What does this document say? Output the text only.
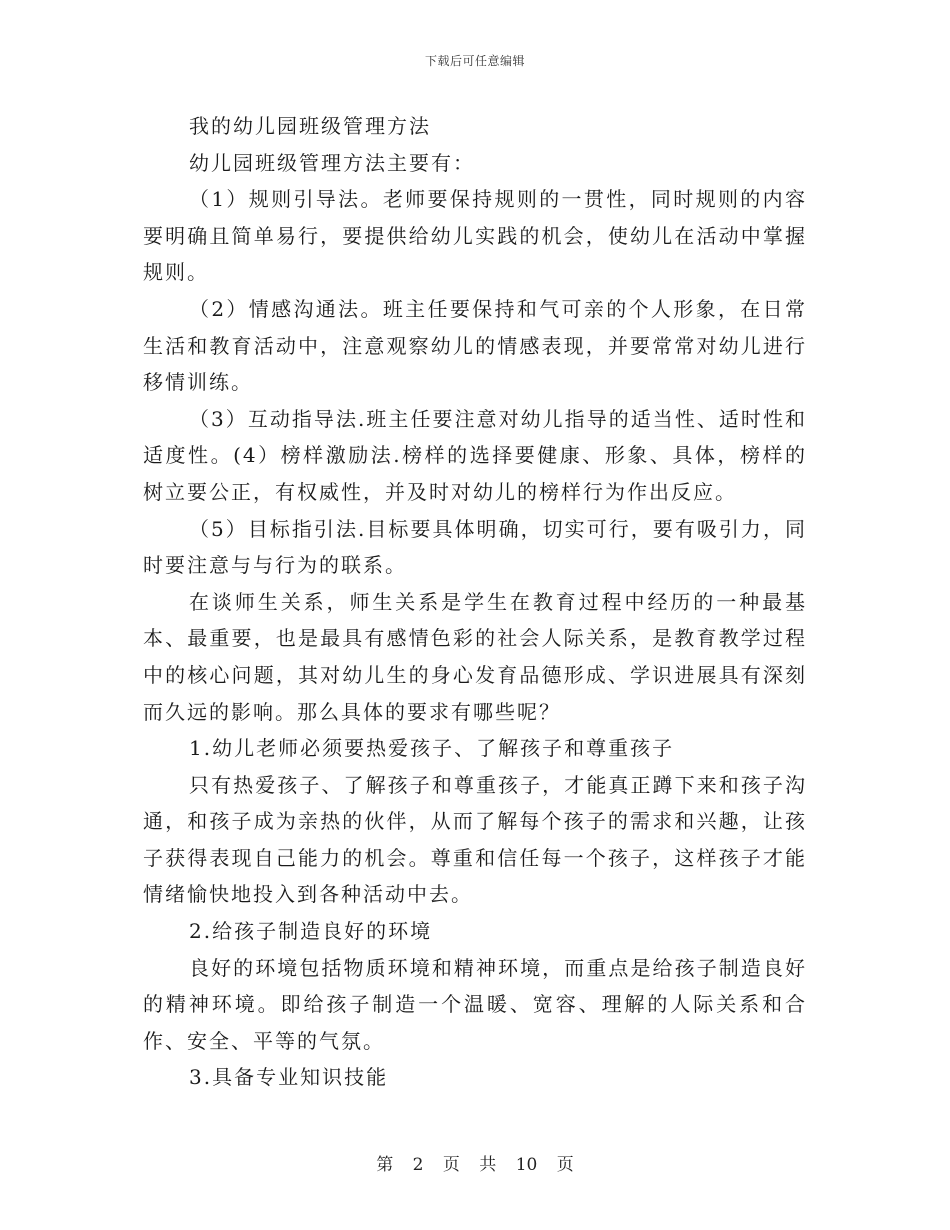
下载后可任意编辑

我的幼儿园班级管理方法

幼儿园班级管理方法主要有：

（1）规则引导法。老师要保持规则的一贯性，同时规则的内容要明确且简单易行，要提供给幼儿实践的机会，使幼儿在活动中掌握规则。

（2）情感沟通法。班主任要保持和气可亲的个人形象，在日常生活和教育活动中，注意观察幼儿的情感表现，并要常常对幼儿进行移情训练。

（3）互动指导法.班主任要注意对幼儿指导的适当性、适时性和适度性。(4）榜样激励法.榜样的选择要健康、形象、具体，榜样的树立要公正，有权威性，并及时对幼儿的榜样行为作出反应。

（5）目标指引法.目标要具体明确，切实可行，要有吸引力，同时要注意与与行为的联系。

在谈师生关系，师生关系是学生在教育过程中经历的一种最基本、最重要，也是最具有感情色彩的社会人际关系，是教育教学过程中的核心问题，其对幼儿生的身心发育品德形成、学识进展具有深刻而久远的影响。那么具体的要求有哪些呢？

1.幼儿老师必须要热爱孩子、了解孩子和尊重孩子

只有热爱孩子、了解孩子和尊重孩子，才能真正蹲下来和孩子沟通，和孩子成为亲热的伙伴，从而了解每个孩子的需求和兴趣，让孩子获得表现自己能力的机会。尊重和信任每一个孩子，这样孩子才能情绪愉快地投入到各种活动中去。

2.给孩子制造良好的环境

良好的环境包括物质环境和精神环境，而重点是给孩子制造良好的精神环境。即给孩子制造一个温暖、宽容、理解的人际关系和合作、安全、平等的气氛。

3.具备专业知识技能

第 2 页 共 10 页
